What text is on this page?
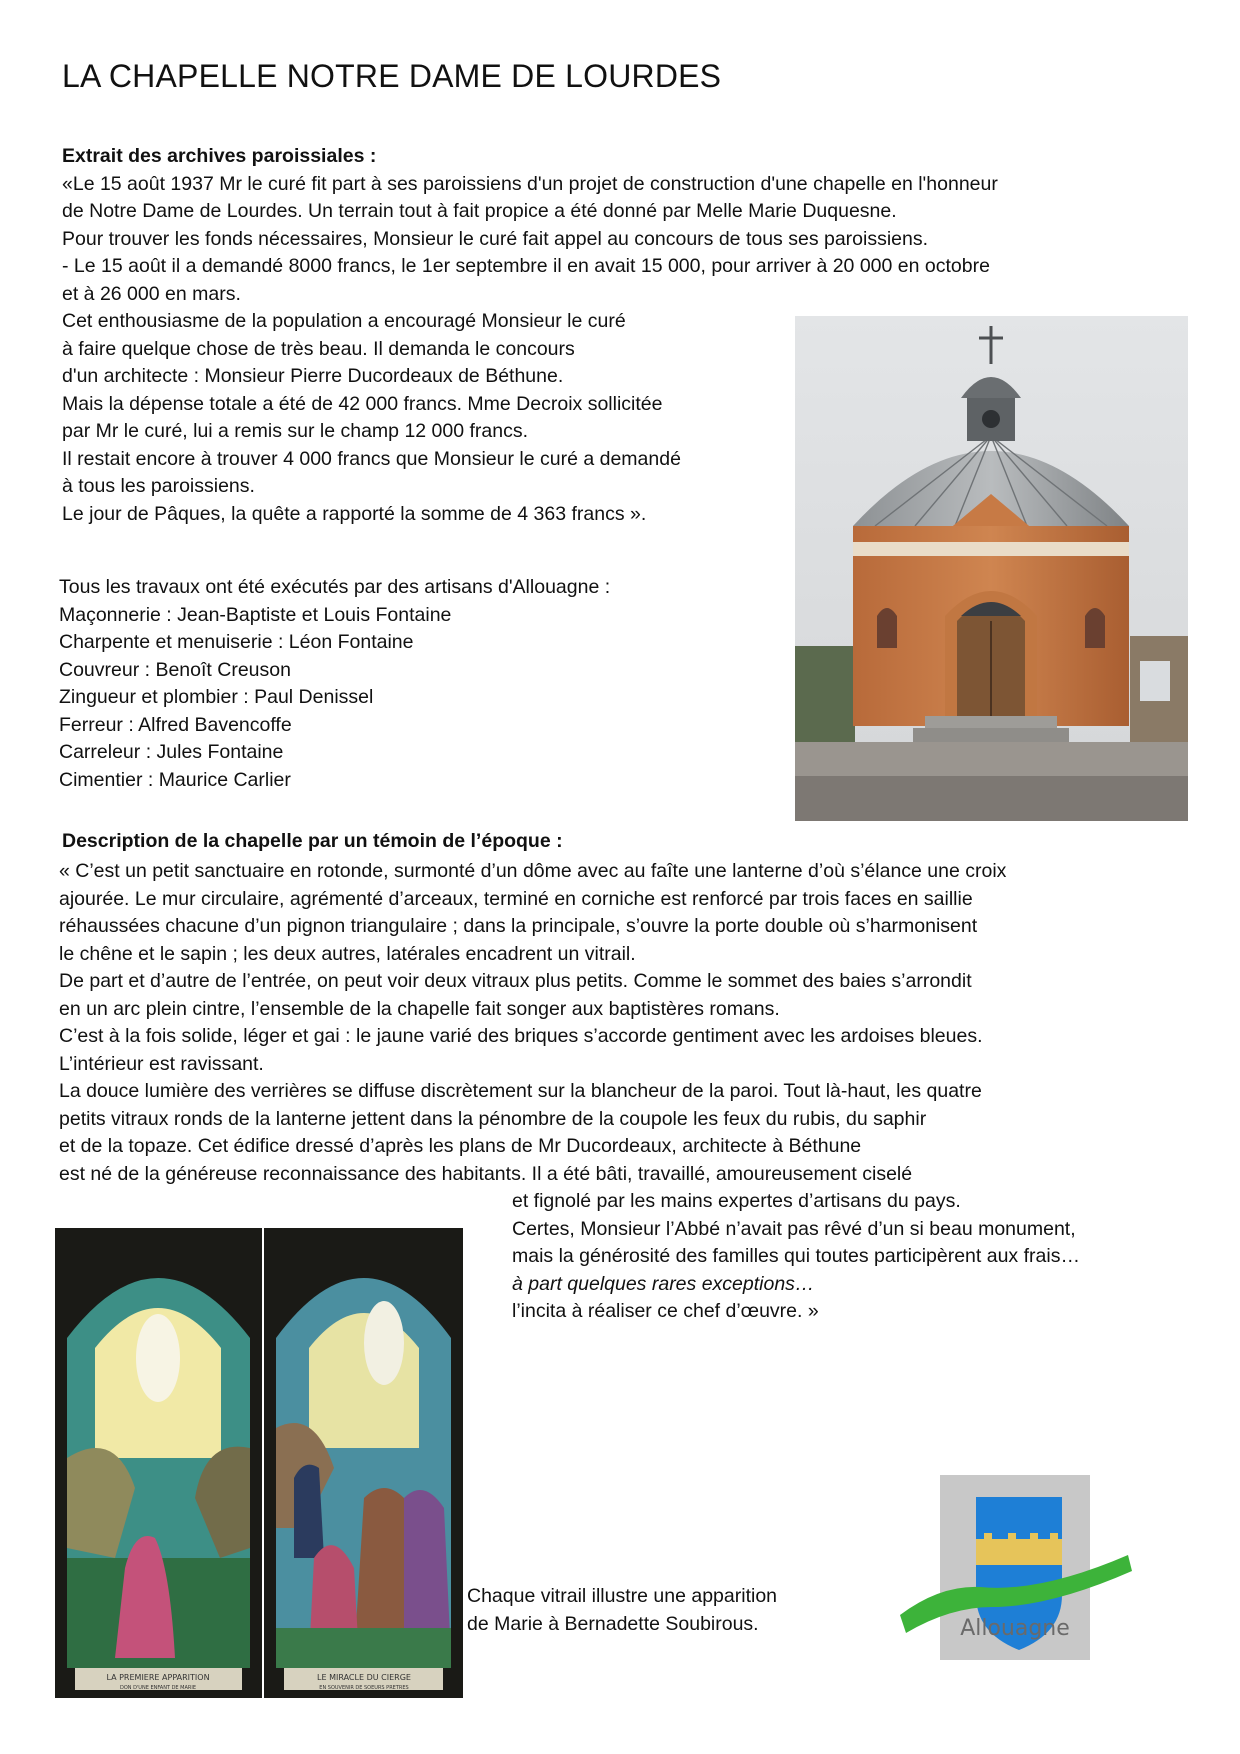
LA CHAPELLE NOTRE DAME DE LOURDES
Extrait des archives paroissiales :
«Le 15 août 1937 Mr le curé fit part à ses paroissiens d'un projet de construction d'une chapelle en l'honneur
de Notre Dame de Lourdes. Un terrain tout à fait propice a été donné par Melle Marie Duquesne.
Pour trouver les fonds nécessaires, Monsieur le curé fait appel au concours de tous ses paroissiens.
- Le 15 août il a demandé 8000 francs, le 1er septembre il en avait 15 000, pour arriver à 20 000 en octobre
et à 26 000 en mars.
Cet enthousiasme de la population a encouragé Monsieur le curé
à faire quelque chose de très beau. Il demanda le concours
d'un architecte : Monsieur Pierre Ducordeaux de Béthune.
Mais la dépense totale a été de 42 000 francs. Mme Decroix sollicitée
par Mr le curé, lui a remis sur le champ 12 000 francs.
Il restait encore à trouver 4 000 francs que Monsieur le curé a demandé
à tous les paroissiens.
Le jour de Pâques, la quête a rapporté la somme de 4 363 francs ».
Tous les travaux ont été exécutés par des artisans d'Allouagne :
Maçonnerie : Jean-Baptiste et Louis Fontaine
Charpente et menuiserie : Léon Fontaine
Couvreur : Benoît Creuson
Zingueur et plombier : Paul Denissel
Ferreur : Alfred Bavencoffe
Carreleur : Jules Fontaine
Cimentier : Maurice Carlier
Description de la chapelle par un témoin de l’époque :
« C’est un petit sanctuaire en rotonde, surmonté d’un dôme avec au faîte une lanterne d’où s’élance une croix
ajourée. Le mur circulaire, agrémenté d’arceaux, terminé en corniche est renforcé par trois faces en saillie
réhaussées chacune d’un pignon triangulaire ; dans la principale, s’ouvre la porte double où s’harmonisent
le chêne et le sapin ; les deux autres, latérales encadrent un vitrail.
De part et d’autre de l’entrée, on peut voir deux vitraux plus petits. Comme le sommet des baies s’arrondit
en un arc plein cintre, l’ensemble de la chapelle fait songer aux baptistères romans.
C’est à la fois solide, léger et gai : le jaune varié des briques s’accorde gentiment avec les ardoises bleues.
L’intérieur est ravissant.
La douce lumière des verrières se diffuse discrètement sur la blancheur de la paroi. Tout là-haut, les quatre
petits vitraux ronds de la lanterne jettent dans la pénombre de la coupole les feux du rubis, du saphir
et de la topaze. Cet édifice dressé d’après les plans de Mr Ducordeaux, architecte à Béthune
est né de la généreuse reconnaissance des habitants. Il a été bâti, travaillé, amoureusement ciselé
et fignolé par les mains expertes d’artisans du pays.
Certes, Monsieur l’Abbé n’avait pas rêvé d’un si beau monument,
mais la générosité des familles qui toutes participèrent aux frais…
à part quelques rares exceptions…
l’incita à réaliser ce chef d’œuvre. »
LA PREMIERE APPARITION
DON D'UNE ENFANT DE MARIE
LE MIRACLE DU CIERGE
EN SOUVENIR DE SOEURS PRETRES
Chaque vitrail illustre une apparition
de Marie à Bernadette Soubirous.	Allouagne
